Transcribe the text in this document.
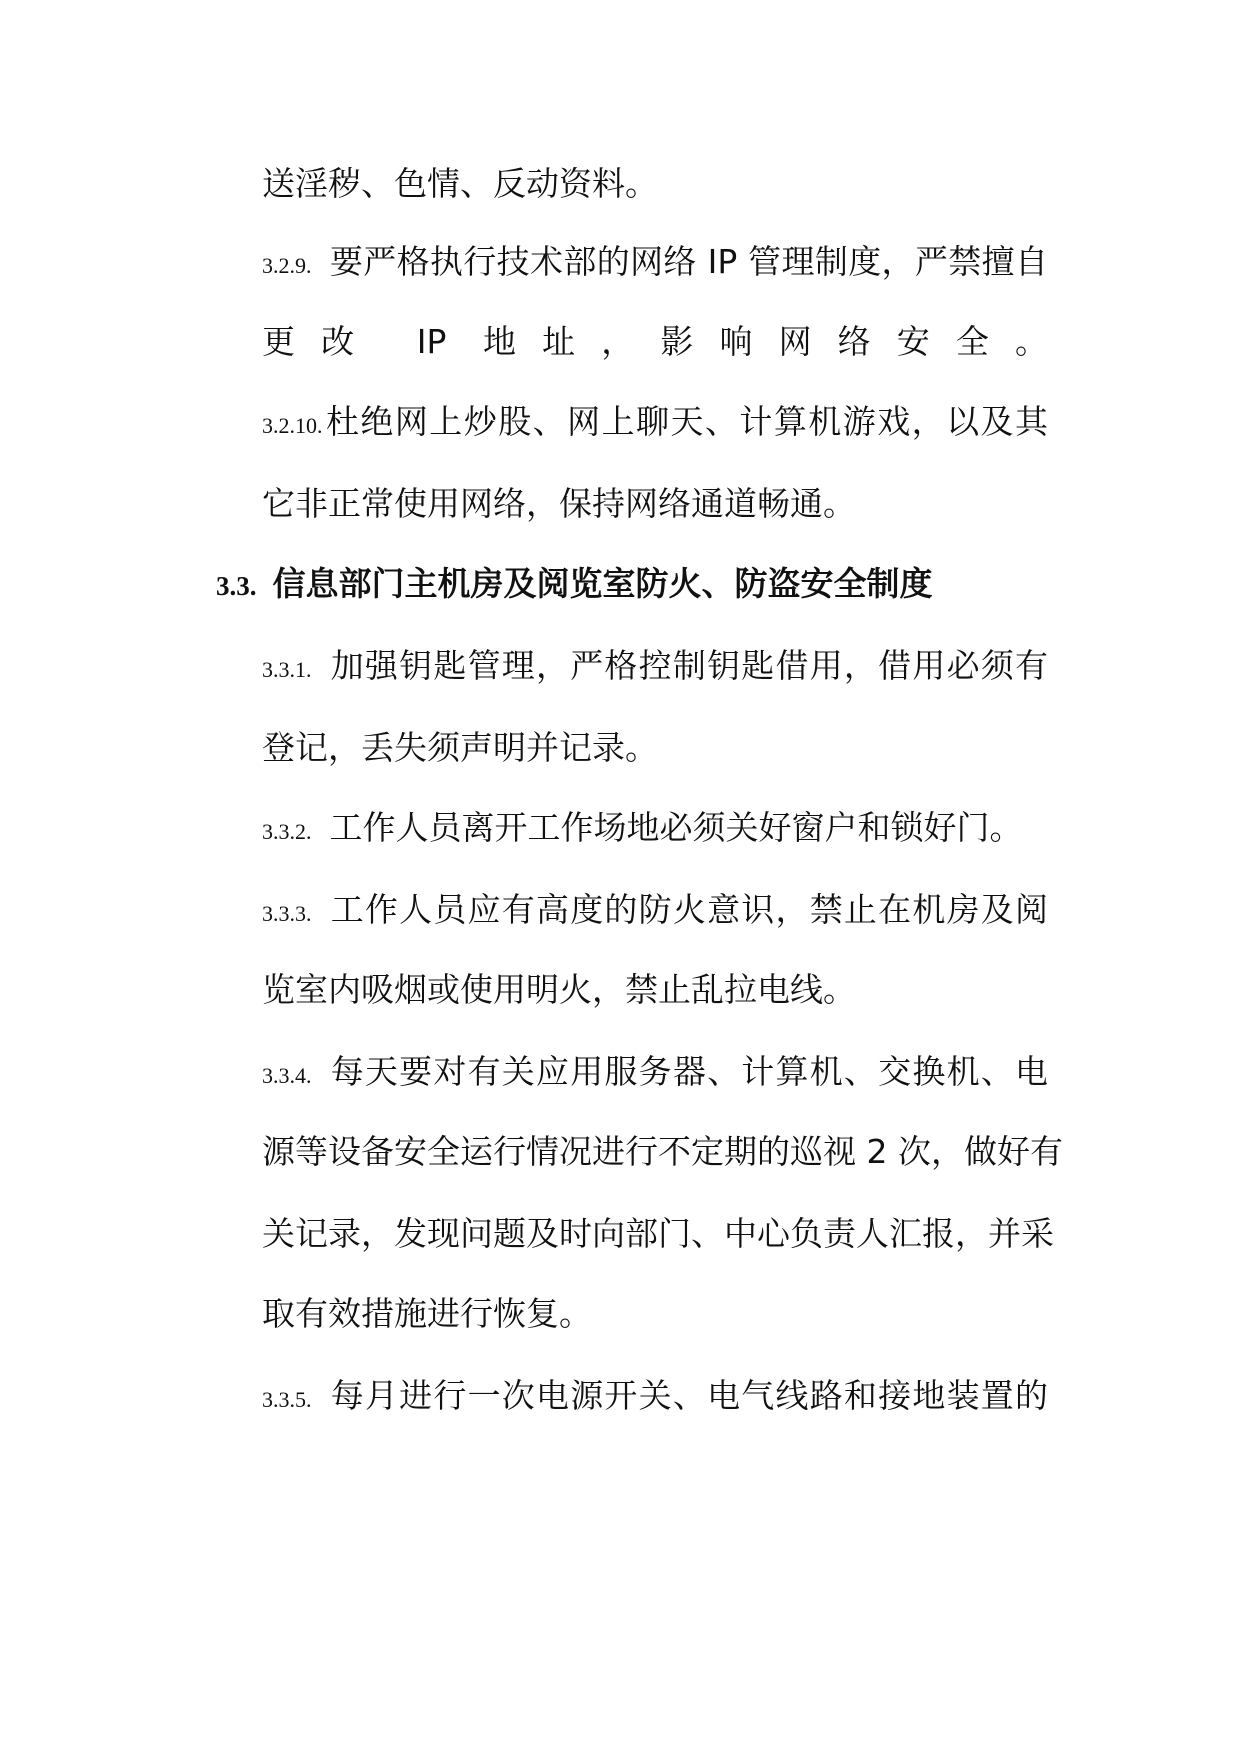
送淫秽、色情、反动资料。
3.2.9. 要严格执行技术部的网络 IP 管理制度，严禁擅自
更改 IP 地址，影响网络安全。
3.2.10.杜绝网上炒股、网上聊天、计算机游戏，以及其
它非正常使用网络，保持网络通道畅通。
3.3. 信息部门主机房及阅览室防火、防盗安全制度
3.3.1. 加强钥匙管理，严格控制钥匙借用，借用必须有
登记，丢失须声明并记录。
3.3.2. 工作人员离开工作场地必须关好窗户和锁好门。
3.3.3. 工作人员应有高度的防火意识，禁止在机房及阅
览室内吸烟或使用明火，禁止乱拉电线。
3.3.4. 每天要对有关应用服务器、计算机、交换机、电
源等设备安全运行情况进行不定期的巡视 2 次，做好有
关记录，发现问题及时向部门、中心负责人汇报，并采
取有效措施进行恢复。
3.3.5. 每月进行一次电源开关、电气线路和接地装置的
